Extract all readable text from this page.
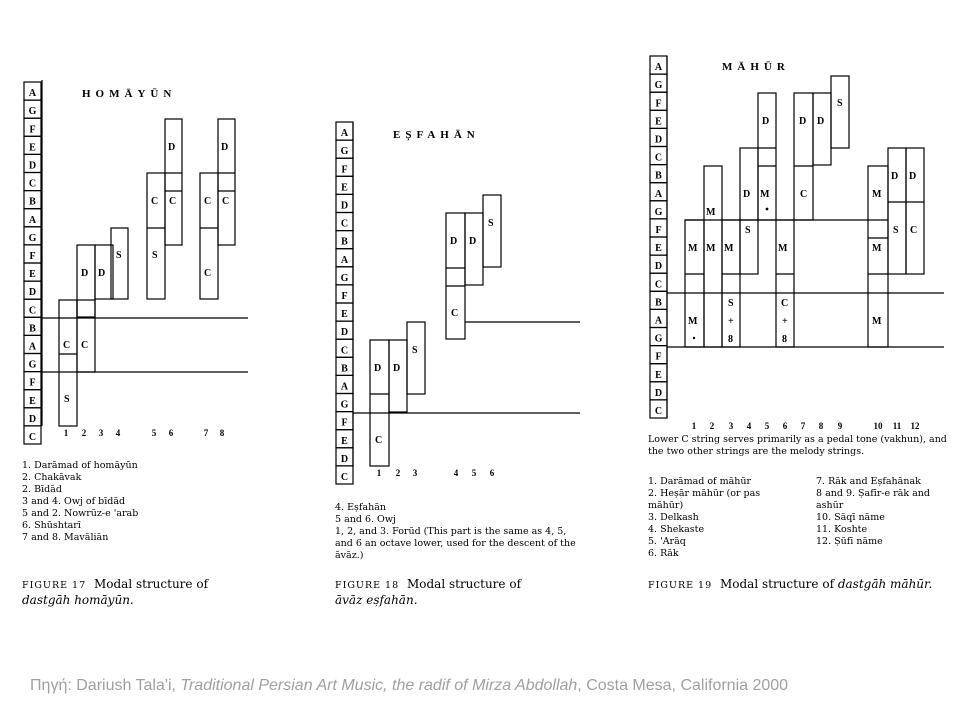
C
D
E
F
G
A
B
C
D
E
F
G
A
B
C
D
E
F
G
A	HOMĀYŪN
S
C C
D D
S	S
C C
D
C
C C
D
1 2 3 4	5 6	7 8
C
D
E
F
G
A
B
C
D
E
F
G
A
B
C
D
E
F
G
A	EȘFAHĀN
C
D D
S
C
D D
S
1 2 3	4 5 6
C
D
E
F
G
A
B
C
D
E
F
G
A
B
C
D
E
F
G
A	MĀHŪR
M
M
M
M M
S
+
8
D
S
D
M
M
C
+
8
D
C
D
S
M
M
M
D
S
D
C
1 2 3 4 5 6 7 8 9	10 11 12
1. Darāmad of homāyūn
2. Chakāvak
2. Bīdād
3 and 4. Owj of bīdād
5 and 2. Nowrūz-e 'arab
6. Shūshtarī
7 and 8. Mavāliān
FIGURE 17 Modal structure of
dastgāh homāyūn.
4. Eșfahān
5 and 6. Owj
1, 2, and 3. Forūd (This part is the same as 4, 5, and 6 an octave lower, used for the descent of the āvāz.)
FIGURE 18 Modal structure of
āvāz eșfahān.
Lower C string serves primarily as a pedal tone (vakhun), and the two other strings are the melody strings.
1. Darāmad of māhūr
2. Heșār māhūr (or pas māhūr)
3. Delkash
4. Shekaste
5. 'Arāq
6. Rāk
7. Rāk and Eșfahānak
8 and 9. Șafīr-e rāk and ashūr
10. Sāqī nāme
11. Koshte
12. Șūfī nāme
FIGURE 19 Modal structure of dastgāh māhūr.
Πηγή: Dariush Tala'i, Traditional Persian Art Music, the radif of Mirza Abdollah, Costa Mesa, California 2000
